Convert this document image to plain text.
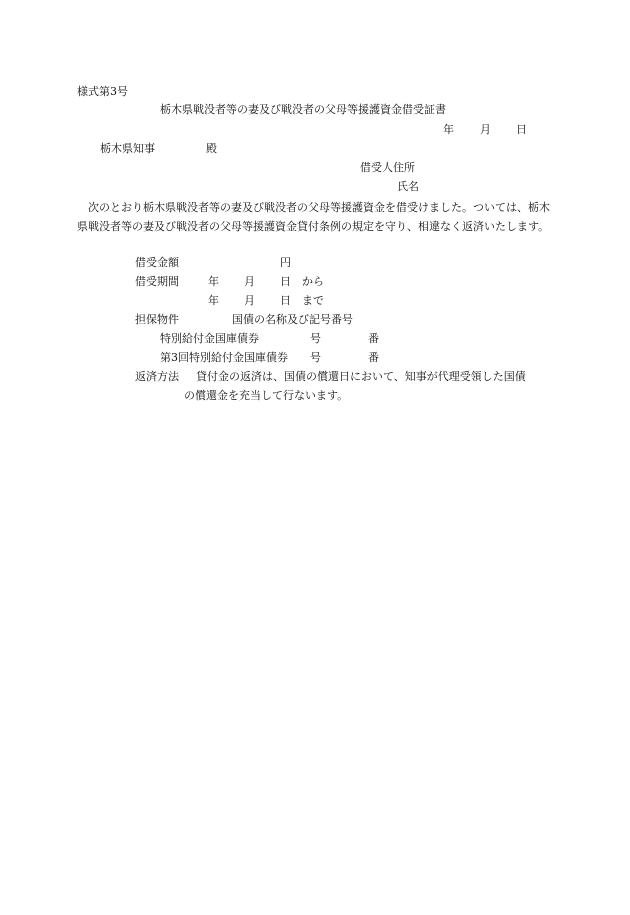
様式第3号
栃木県戦没者等の妻及び戦没者の父母等援護資金借受証書
年 月 日
栃木県知事	殿
借受人住所
氏名
次のとおり栃木県戦没者等の妻及び戦没者の父母等援護資金を借受けました。ついては、栃木県戦没者等の妻及び戦没者の父母等援護資金貸付条例の規定を守り、相違なく返済いたします。
借受金額	円
借受期間	年 月 日 から
年 月 日 まで
担保物件	国債の名称及び記号番号
特別給付金国庫債券	号	番
第3回特別給付金国庫債券 号	番
返済方法 貸付金の返済は、国債の償還日において、知事が代理受領した国債
の償還金を充当して行ないます。
